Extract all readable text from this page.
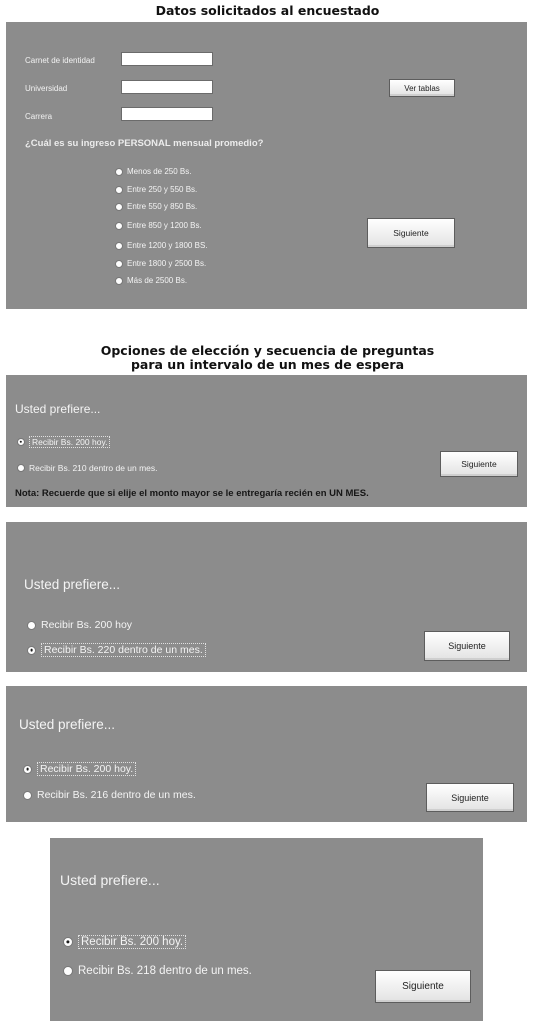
Datos solicitados al encuestado
Carnet de identidad
Universidad
Carrera
Ver tablas
¿Cuál es su ingreso PERSONAL mensual promedio?
Menos de 250 Bs.
Entre 250 y 550 Bs.
Entre 550 y 850 Bs.
Entre 850 y 1200 Bs.
Entre 1200 y 1800 BS.
Entre 1800 y 2500 Bs.
Más de 2500 Bs.
Siguiente
Opciones de elección y secuencia de preguntas
para un intervalo de un mes de espera
Usted prefiere...
Recibir Bs. 200 hoy.
Recibir Bs. 210 dentro de un mes.	Siguiente
Nota: Recuerde que si elije el monto mayor se le entregaría recién en UN MES.
Usted prefiere...
Recibir Bs. 200 hoy
Recibir Bs. 220 dentro de un mes.	Siguiente
Usted prefiere...
Recibir Bs. 200 hoy.
Recibir Bs. 216 dentro de un mes.	Siguiente
Usted prefiere...
Recibir Bs. 200 hoy.
Recibir Bs. 218 dentro de un mes.
Siguiente
